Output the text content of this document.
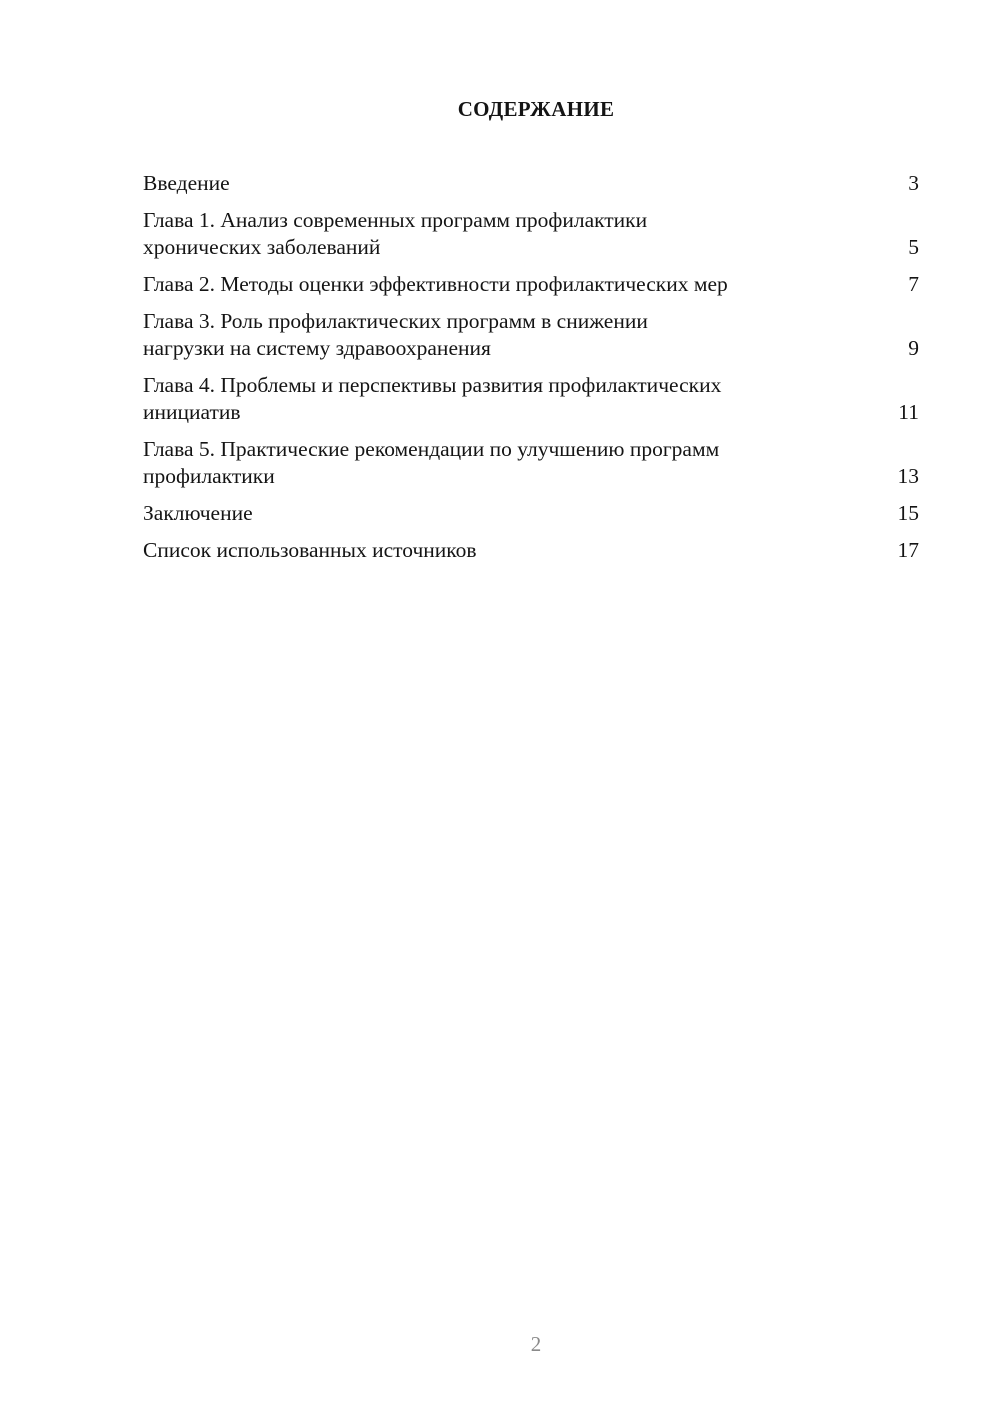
СОДЕРЖАНИЕ
Введение	3
Глава 1. Анализ современных программ профилактики
хронических заболеваний	5
Глава 2. Методы оценки эффективности профилактических мер	7
Глава 3. Роль профилактических программ в снижении
нагрузки на систему здравоохранения	9
Глава 4. Проблемы и перспективы развития профилактических
инициатив	11
Глава 5. Практические рекомендации по улучшению программ
профилактики	13
Заключение	15
Список использованных источников	17
2
